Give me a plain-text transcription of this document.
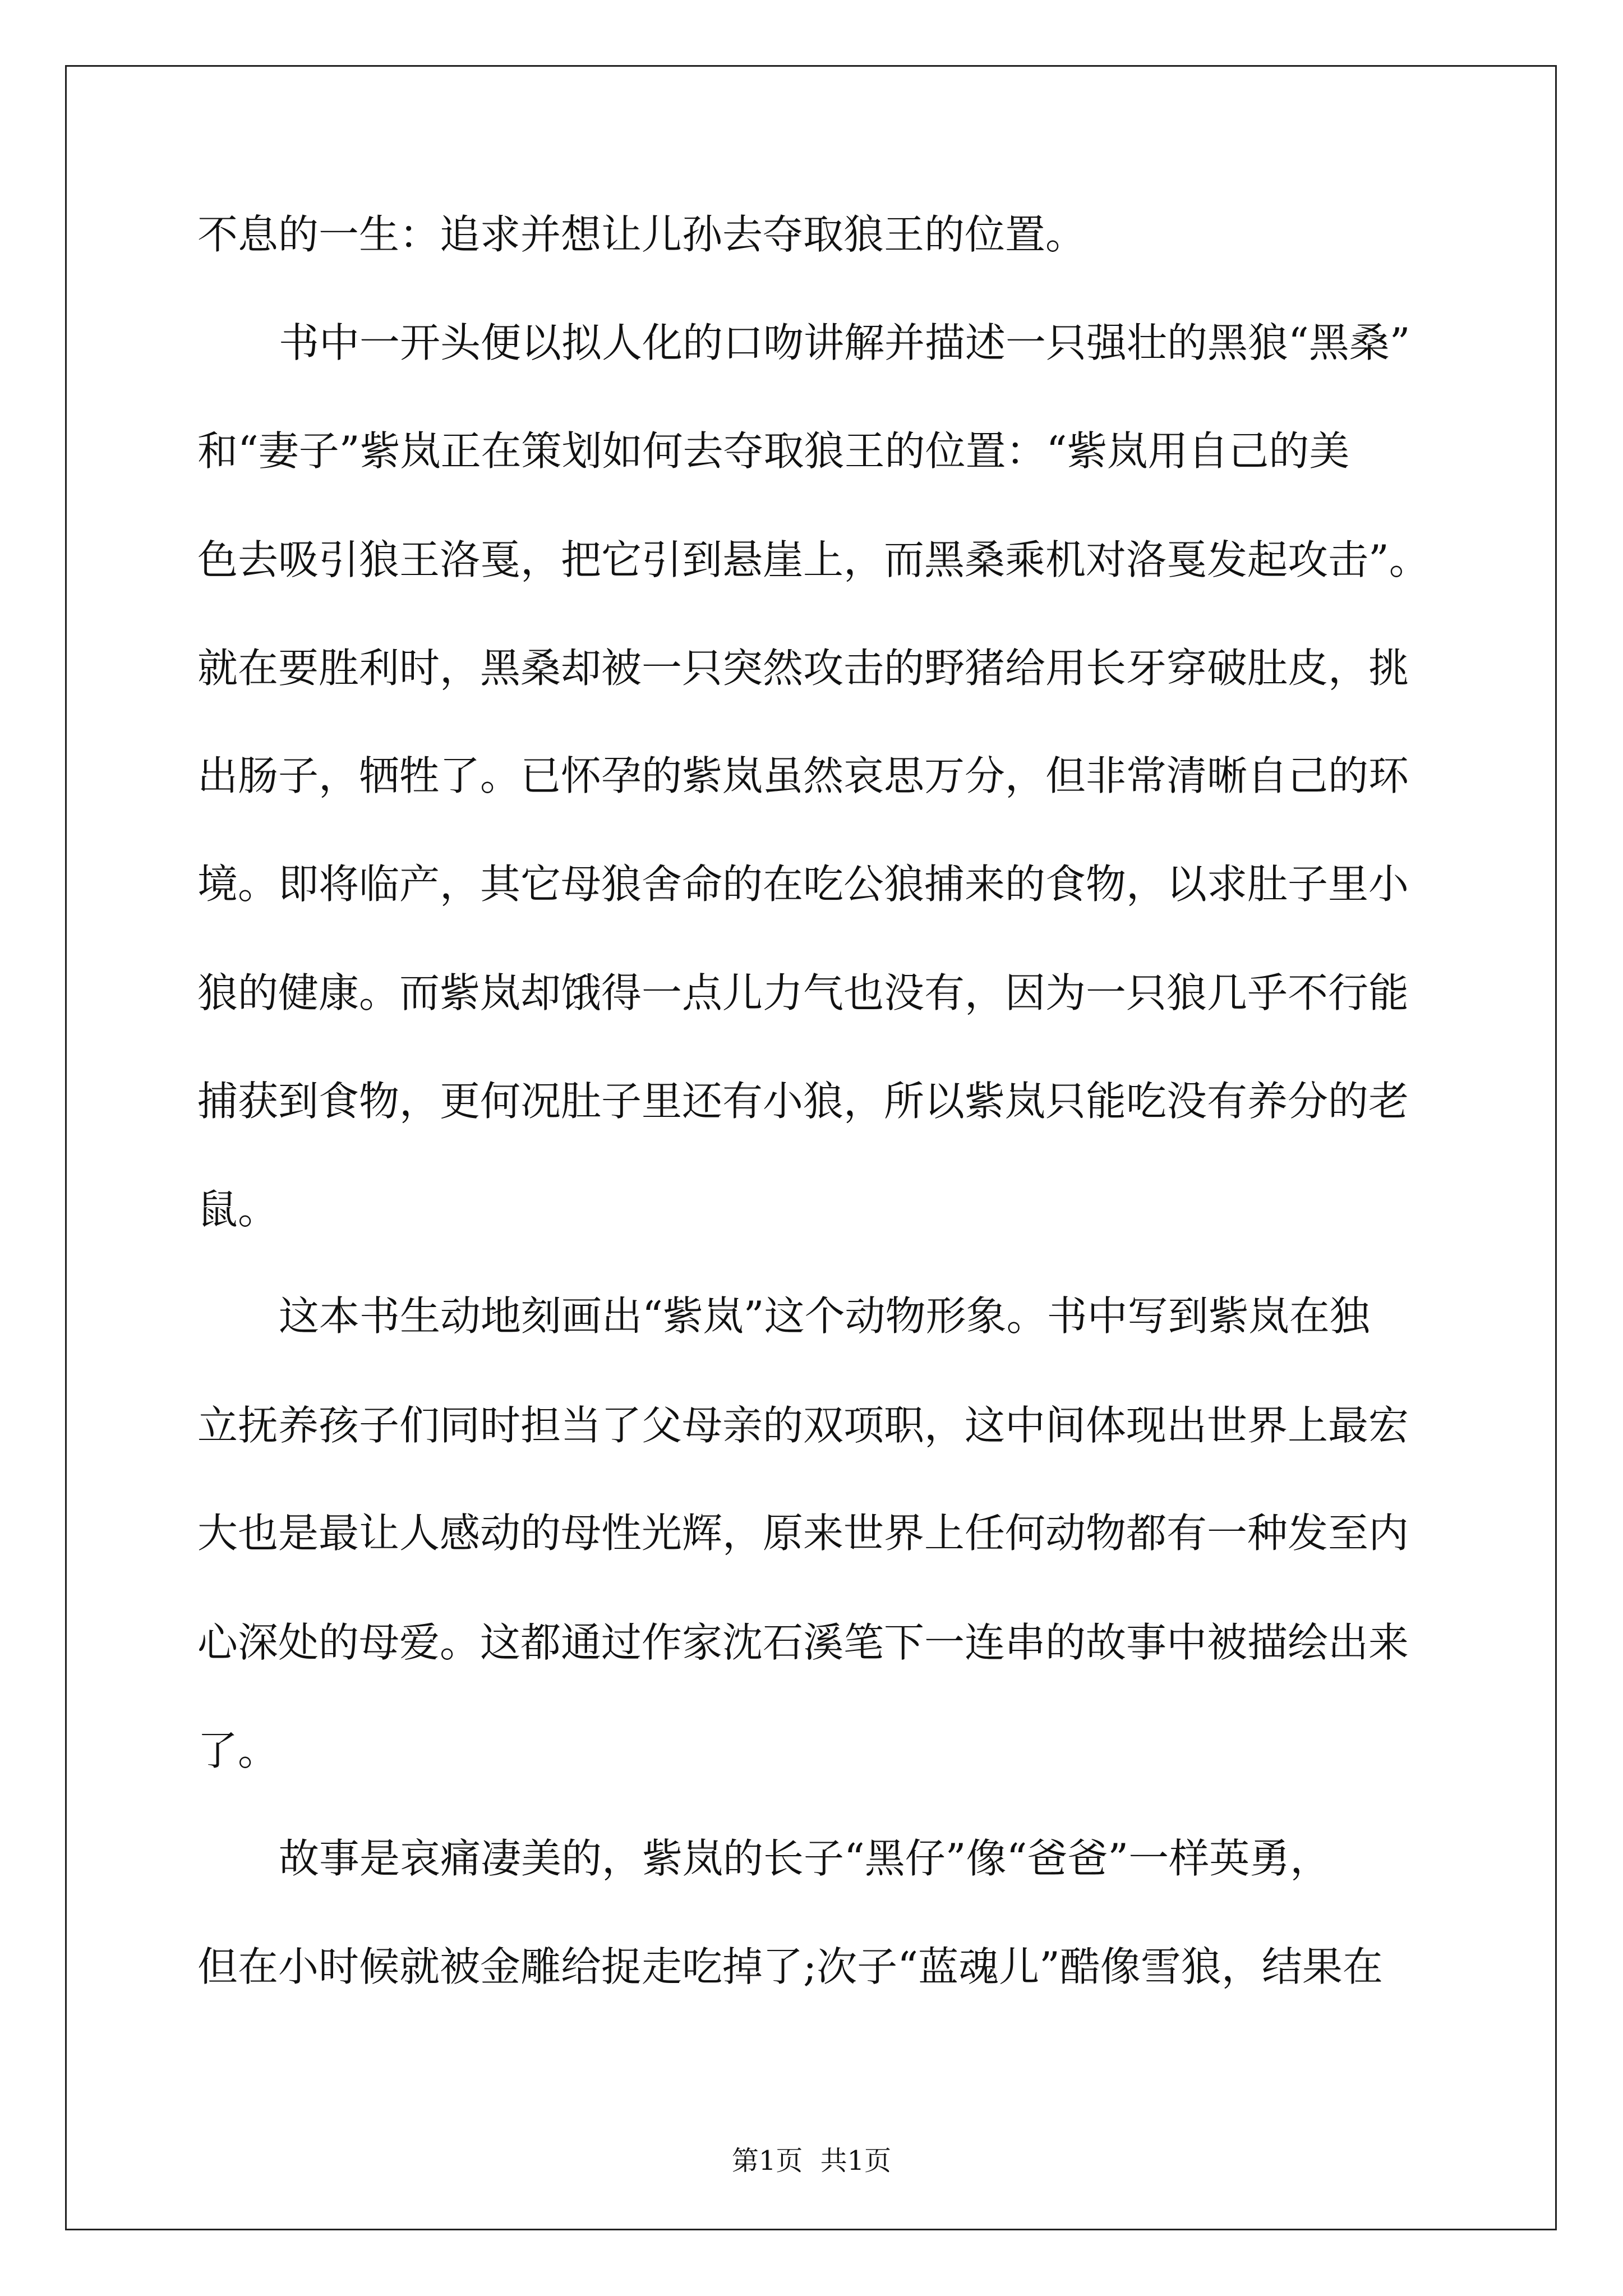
不息的一生：追求并想让儿孙去夺取狼王的位置。

书中一开头便以拟人化的口吻讲解并描述一只强壮的黑狼“黑桑”

和“妻子”紫岚正在策划如何去夺取狼王的位置：“紫岚用自己的美

色去吸引狼王洛戛，把它引到悬崖上，而黑桑乘机对洛戛发起攻击”。

就在要胜利时，黑桑却被一只突然攻击的野猪给用长牙穿破肚皮，挑

出肠子，牺牲了。已怀孕的紫岚虽然哀思万分，但非常清晰自己的环

境。即将临产，其它母狼舍命的在吃公狼捕来的食物，以求肚子里小

狼的健康。而紫岚却饿得一点儿力气也没有，因为一只狼几乎不行能

捕获到食物，更何况肚子里还有小狼，所以紫岚只能吃没有养分的老

鼠。

这本书生动地刻画出“紫岚”这个动物形象。书中写到紫岚在独

立抚养孩子们同时担当了父母亲的双项职，这中间体现出世界上最宏

大也是最让人感动的母性光辉，原来世界上任何动物都有一种发至内

心深处的母爱。这都通过作家沈石溪笔下一连串的故事中被描绘出来

了。

故事是哀痛凄美的，紫岚的长子“黑仔”像“爸爸”一样英勇，

但在小时候就被金雕给捉走吃掉了;次子“蓝魂儿”酷像雪狼，结果在

第1页 共1页
